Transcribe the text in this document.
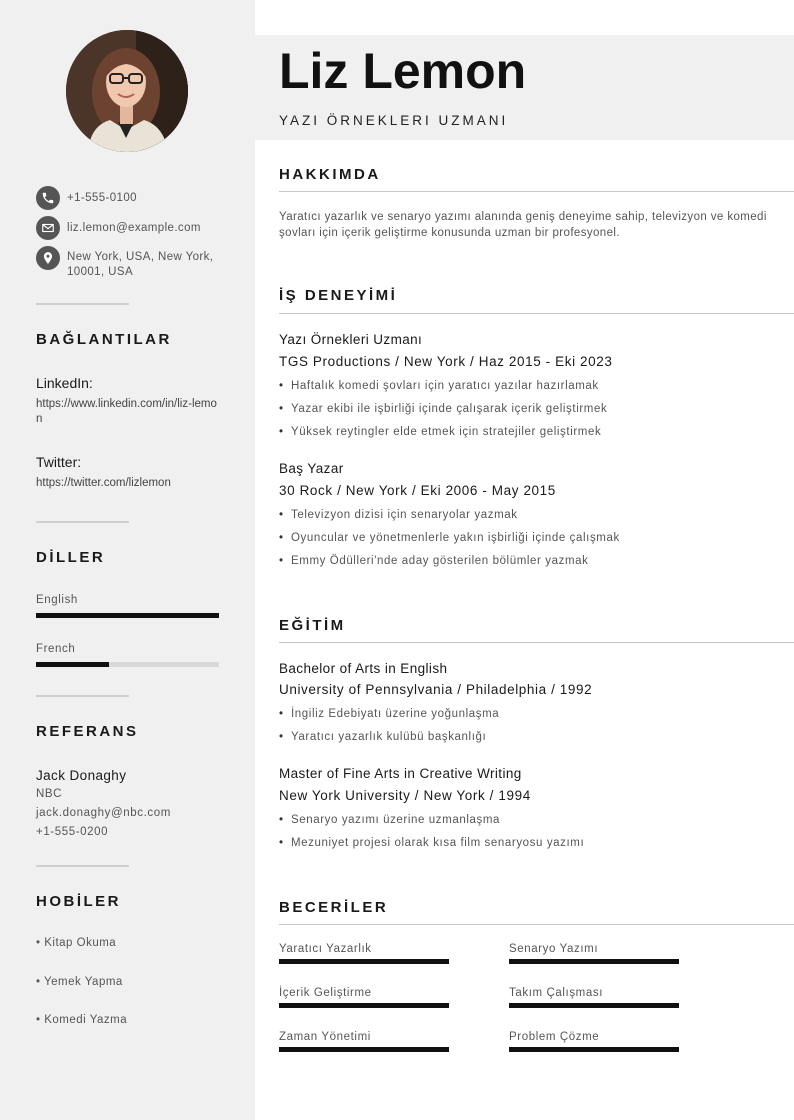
+1-555-0100
liz.lemon@example.com
New York, USA, New York, 10001, USA
BAĞLANTILAR
LinkedIn:
https://www.linkedin.com/in/liz-lemon
Twitter:
https://twitter.com/lizlemon
DİLLER
English
French
REFERANS
Jack Donaghy
NBC
jack.donaghy@nbc.com
+1-555-0200
HOBİLER
• Kitap Okuma
• Yemek Yapma
• Komedi Yazma
Liz Lemon
YAZI ÖRNEKLERI UZMANI
HAKKIMDA
Yaratıcı yazarlık ve senaryo yazımı alanında geniş deneyime sahip, televizyon ve komedi şovları için içerik geliştirme konusunda uzman bir profesyonel.
İŞ DENEYİMİ
Yazı Örnekleri Uzmanı
TGS Productions / New York / Haz 2015 - Eki 2023
• Haftalık komedi şovları için yaratıcı yazılar hazırlamak
• Yazar ekibi ile işbirliği içinde çalışarak içerik geliştirmek
• Yüksek reytingler elde etmek için stratejiler geliştirmek
Baş Yazar
30 Rock / New York / Eki 2006 - May 2015
• Televizyon dizisi için senaryolar yazmak
• Oyuncular ve yönetmenlerle yakın işbirliği içinde çalışmak
• Emmy Ödülleri'nde aday gösterilen bölümler yazmak
EĞİTİM
Bachelor of Arts in English
University of Pennsylvania / Philadelphia / 1992
• İngiliz Edebiyatı üzerine yoğunlaşma
• Yaratıcı yazarlık kulübü başkanlığı
Master of Fine Arts in Creative Writing
New York University / New York / 1994
• Senaryo yazımı üzerine uzmanlaşma
• Mezuniyet projesi olarak kısa film senaryosu yazımı
BECERİLER
Yaratıcı Yazarlık	Senaryo Yazımı
İçerik Geliştirme	Takım Çalışması
Zaman Yönetimi	Problem Çözme
